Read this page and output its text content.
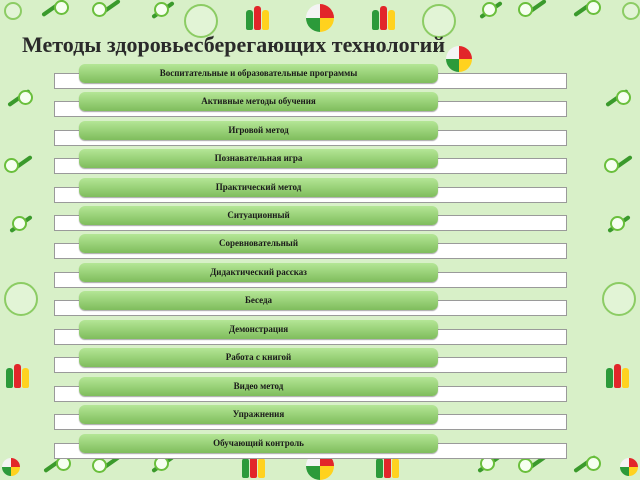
Методы здоровьесберегающих технологий
Воспитательные и образовательные программы
Активные методы обучения
Игровой метод
Познавательная игра
Практический метод
Ситуационный
Соревновательный
Дидактический рассказ
Беседа
Демонстрация
Работа с книгой
Видео метод
Упражнения
Обучающий контроль
